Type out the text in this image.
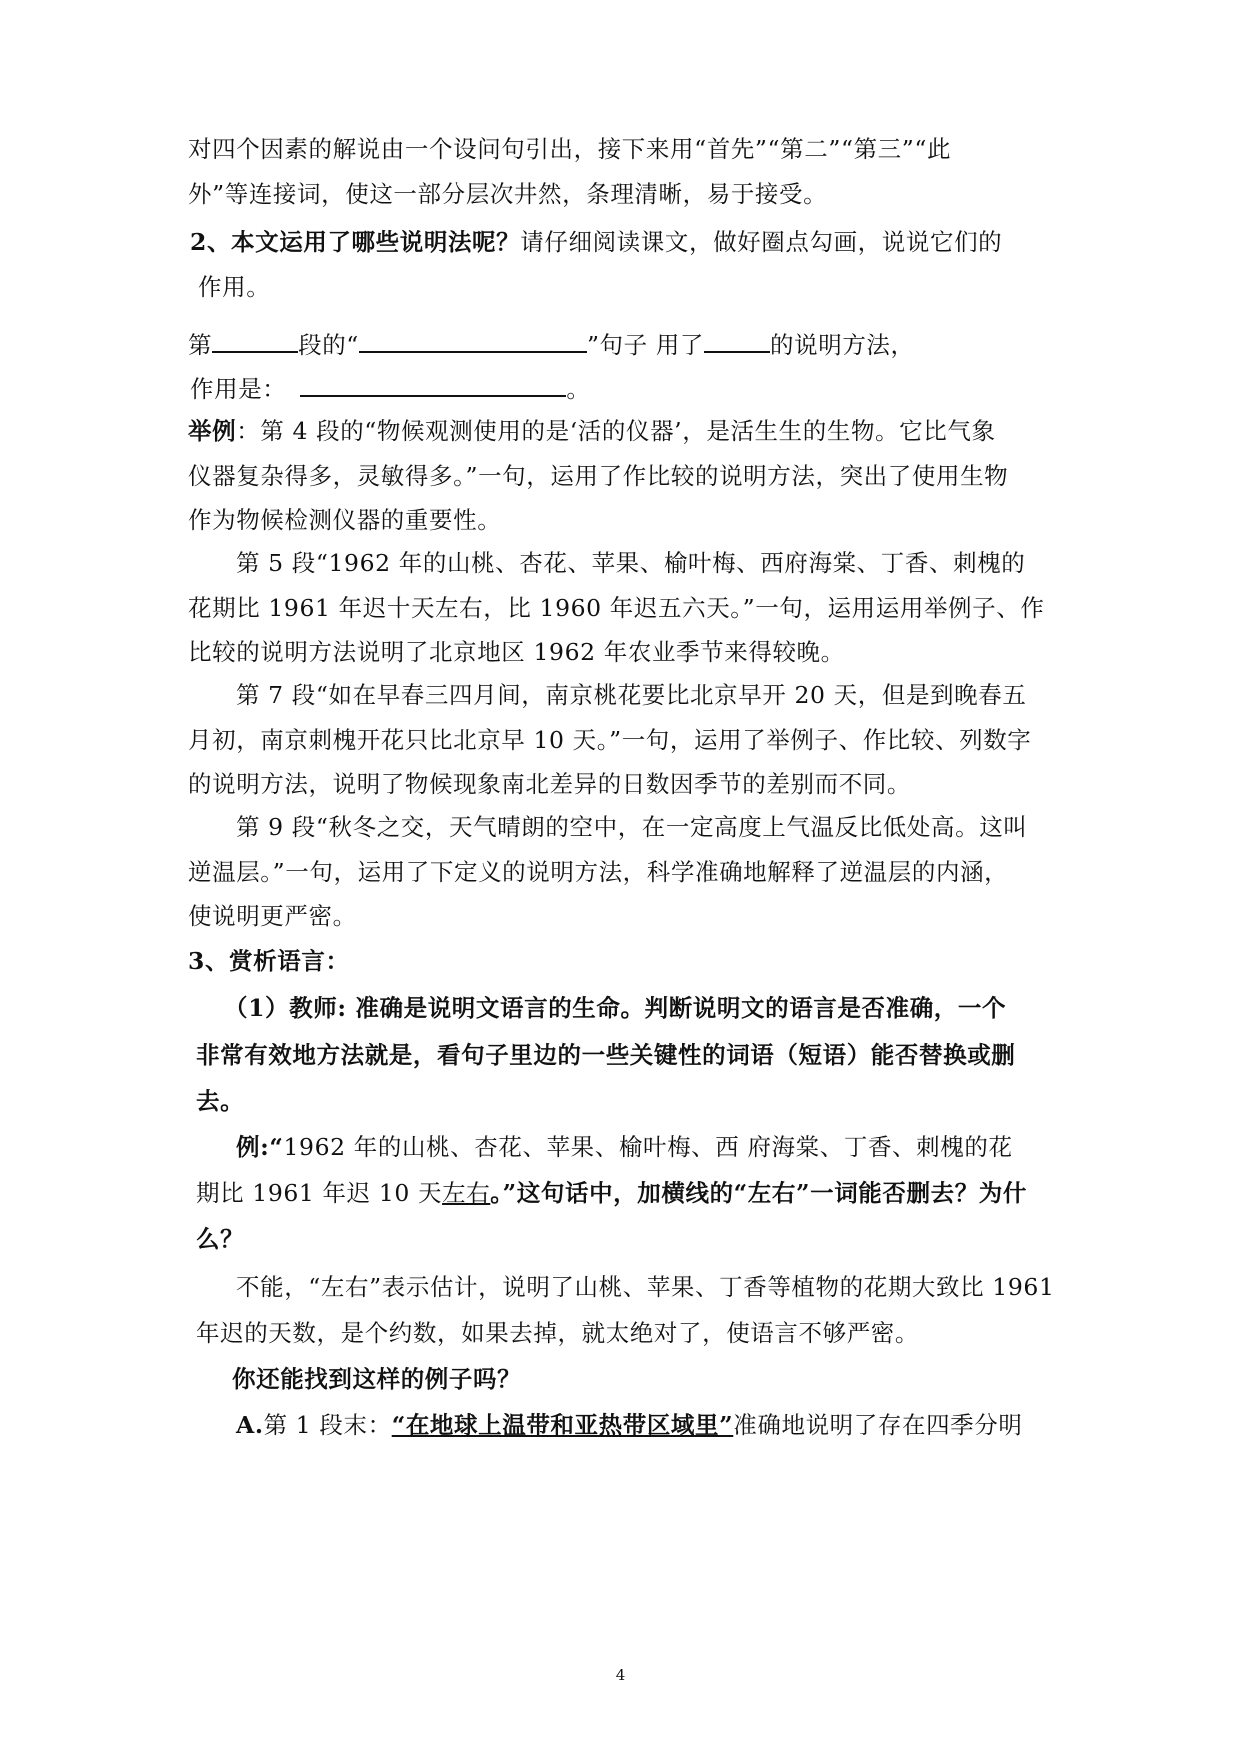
对四个因素的解说由一个设问句引出，接下来用“首先”“第二”“第三”“此
外”等连接词，使这一部分层次井然，条理清晰，易于接受。
2、本文运用了哪些说明法呢？请仔细阅读课文，做好圈点勾画，说说它们的
作用。
第	段的“	”句子 用了	的说明方法，
作用是：	。
举例：第 4 段的“物候观测使用的是‘活的仪器’，是活生生的生物。它比气象
仪器复杂得多，灵敏得多。”一句，运用了作比较的说明方法，突出了使用生物
作为物候检测仪器的重要性。
第 5 段“1962 年的山桃、杏花、苹果、榆叶梅、西府海棠、丁香、刺槐的
花期比 1961 年迟十天左右，比 1960 年迟五六天。”一句，运用运用举例子、作
比较的说明方法说明了北京地区 1962 年农业季节来得较晚。
第 7 段“如在早春三四月间，南京桃花要比北京早开 20 天，但是到晚春五
月初，南京刺槐开花只比北京早 10 天。”一句，运用了举例子、作比较、列数字
的说明方法，说明了物候现象南北差异的日数因季节的差别而不同。
第 9 段“秋冬之交，天气晴朗的空中，在一定高度上气温反比低处高。这叫
逆温层。”一句，运用了下定义的说明方法，科学准确地解释了逆温层的内涵，
使说明更严密。
3、赏析语言：
（1）教师: 准确是说明文语言的生命。判断说明文的语言是否准确，一个
非常有效地方法就是，看句子里边的一些关键性的词语（短语）能否替换或删
去。
例:“1962 年的山桃、杏花、苹果、榆叶梅、西 府海棠、丁香、刺槐的花
期比 1961 年迟 10 天左右。”这句话中，加横线的“左右”一词能否删去？为什
么？
不能，“左右”表示估计，说明了山桃、苹果、丁香等植物的花期大致比 1961
年迟的天数，是个约数，如果去掉，就太绝对了，使语言不够严密。
你还能找到这样的例子吗？
A.第 1 段末：“在地球上温带和亚热带区域里”准确地说明了存在四季分明
4
